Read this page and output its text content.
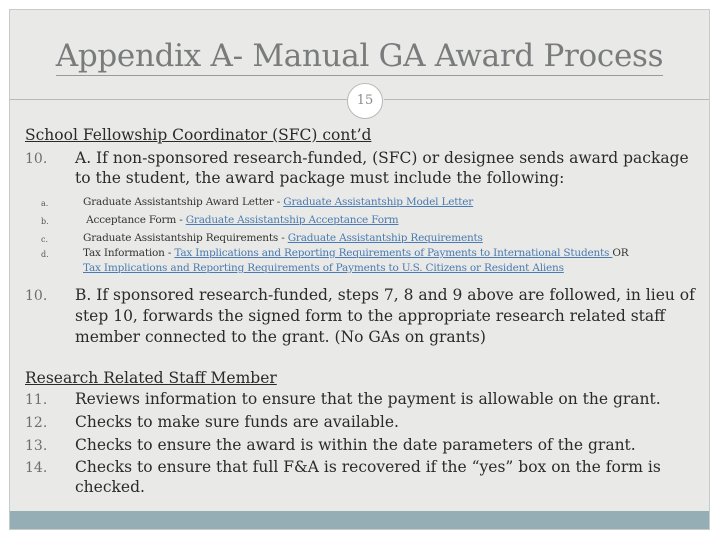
Appendix A- Manual GA Award Process
15
School Fellowship Coordinator (SFC) cont’d
10. A. If non-sponsored research-funded, (SFC) or designee sends award package
to the student, the award package must include the following:
a.	Graduate Assistantship Award Letter - Graduate Assistantship Model Letter
b.	Acceptance Form - Graduate Assistantship Acceptance Form
c.	Graduate Assistantship Requirements - Graduate Assistantship Requirements
d.	Tax Information - Tax Implications and Reporting Requirements of Payments to International Students OR
Tax Implications and Reporting Requirements of Payments to U.S. Citizens or Resident Aliens
10. B. If sponsored research-funded, steps 7, 8 and 9 above are followed, in lieu of
step 10, forwards the signed form to the appropriate research related staff
member connected to the grant. (No GAs on grants)
Research Related Staff Member
11. Reviews information to ensure that the payment is allowable on the grant.
12. Checks to make sure funds are available.
13. Checks to ensure the award is within the date parameters of the grant.
14. Checks to ensure that full F&A is recovered if the “yes” box on the form is
checked.
